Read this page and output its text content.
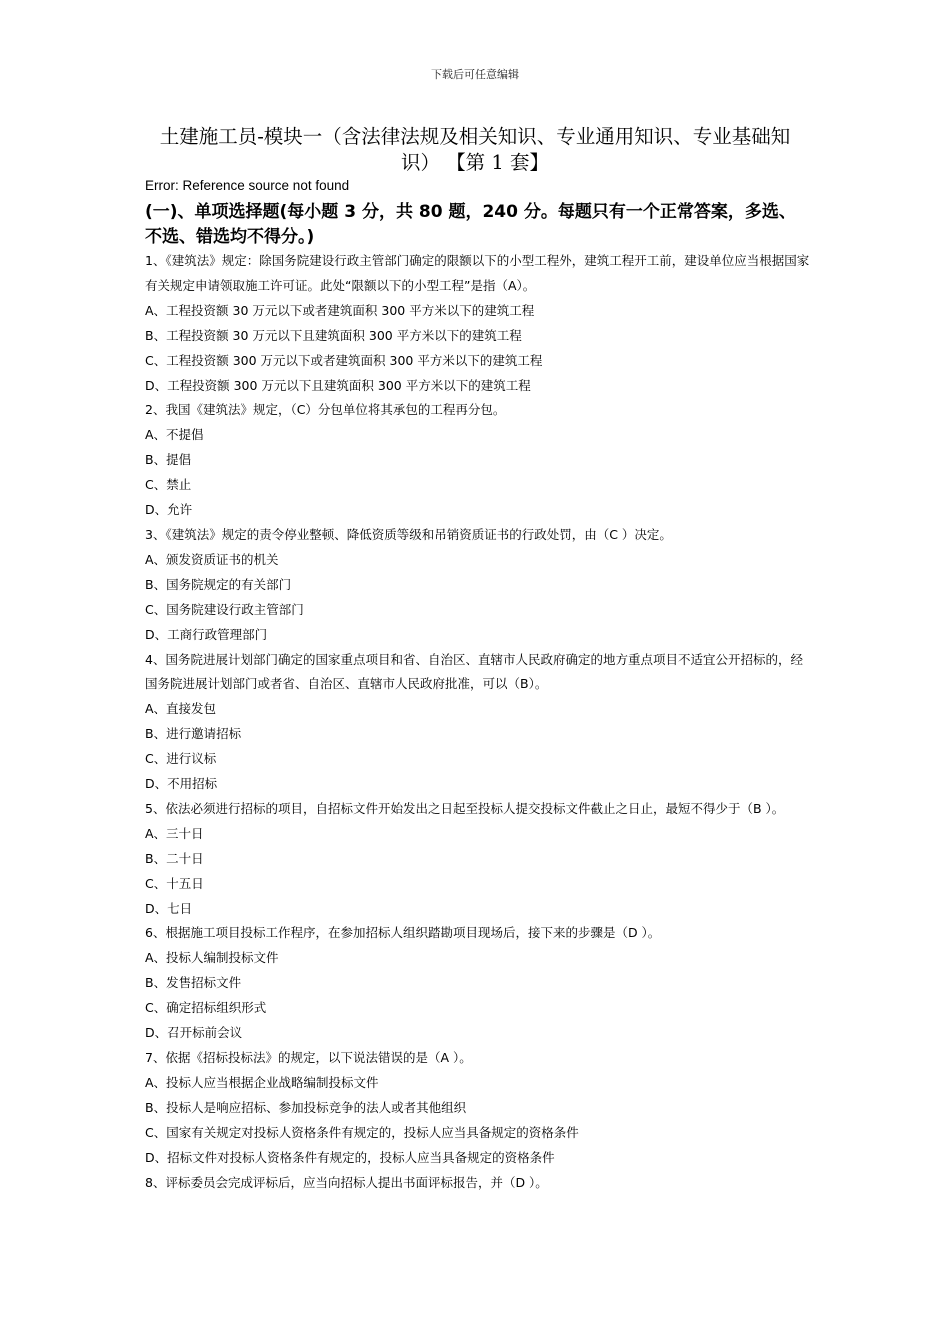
下载后可任意编辑
土建施工员-模块一（含法律法规及相关知识、专业通用知识、专业基础知识） 【第 1 套】
Error: Reference source not found
(一)、单项选择题(每小题 3 分，共 80 题，240 分。每题只有一个正常答案，多选、不选、错选均不得分。)
1、《建筑法》规定：除国务院建设行政主管部门确定的限额以下的小型工程外，建筑工程开工前，建设单位应当根据国家有关规定申请领取施工许可证。此处“限额以下的小型工程”是指（A）。
A、工程投资额 30 万元以下或者建筑面积 300 平方米以下的建筑工程
B、工程投资额 30 万元以下且建筑面积 300 平方米以下的建筑工程
C、工程投资额 300 万元以下或者建筑面积 300 平方米以下的建筑工程
D、工程投资额 300 万元以下且建筑面积 300 平方米以下的建筑工程
2、我国《建筑法》规定，（C）分包单位将其承包的工程再分包。
A、不提倡
B、提倡
C、禁止
D、允许
3、《建筑法》规定的责令停业整顿、降低资质等级和吊销资质证书的行政处罚，由（C ）决定。
A、颁发资质证书的机关
B、国务院规定的有关部门
C、国务院建设行政主管部门
D、工商行政管理部门
4、国务院进展计划部门确定的国家重点项目和省、自治区、直辖市人民政府确定的地方重点项目不适宜公开招标的，经国务院进展计划部门或者省、自治区、直辖市人民政府批准，可以（B）。
A、直接发包
B、进行邀请招标
C、进行议标
D、不用招标
5、依法必须进行招标的项目，自招标文件开始发出之日起至投标人提交投标文件截止之日止，最短不得少于（B ）。
A、三十日
B、二十日
C、十五日
D、七日
6、根据施工项目投标工作程序，在参加招标人组织踏勘项目现场后，接下来的步骤是（D ）。
A、投标人编制投标文件
B、发售招标文件
C、确定招标组织形式
D、召开标前会议
7、依据《招标投标法》的规定，以下说法错误的是（A ）。
A、投标人应当根据企业战略编制投标文件
B、投标人是响应招标、参加投标竞争的法人或者其他组织
C、国家有关规定对投标人资格条件有规定的，投标人应当具备规定的资格条件
D、招标文件对投标人资格条件有规定的，投标人应当具备规定的资格条件
8、评标委员会完成评标后，应当向招标人提出书面评标报告，并（D ）。
